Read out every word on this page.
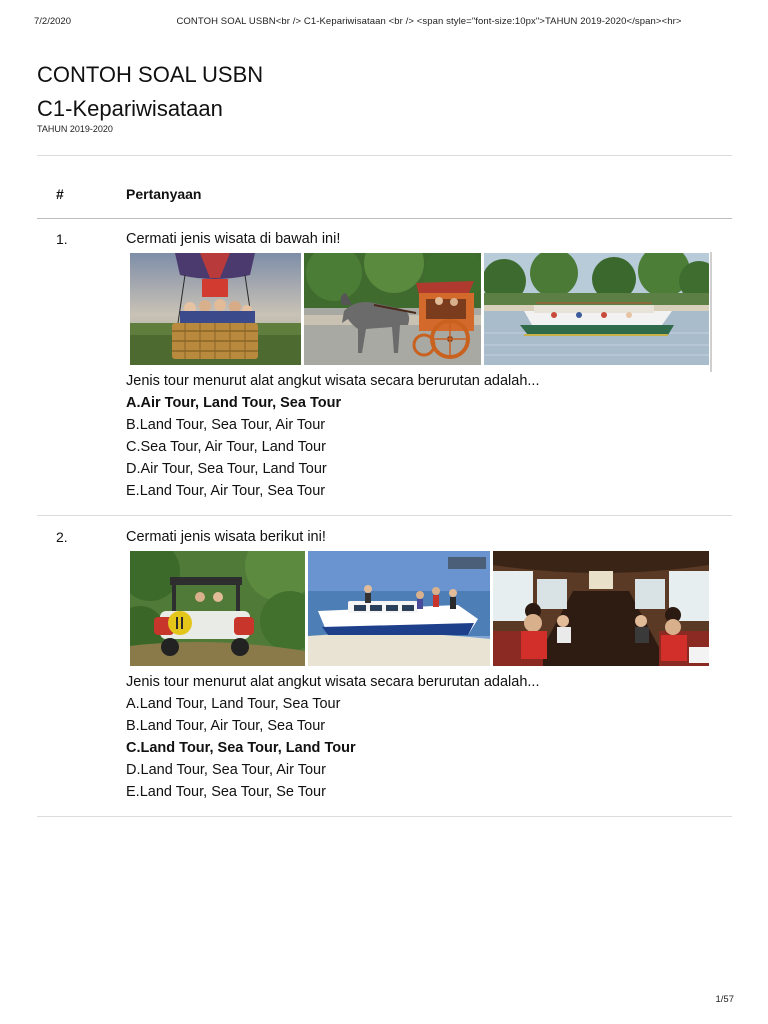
7/2/2020	CONTOH SOAL USBN<br /> C1-Kepariwisataan <br /> <span style="font-size:10px">TAHUN 2019-2020</span><hr>
CONTOH SOAL USBN
C1-Kepariwisataan
TAHUN 2019-2020
#	Pertanyaan
1.	Cermati jenis wisata di bawah ini!
Jenis tour menurut alat angkut wisata secara berurutan adalah...
A.Air Tour, Land Tour, Sea Tour
B.Land Tour, Sea Tour, Air Tour
C.Sea Tour, Air Tour, Land Tour
D.Air Tour, Sea Tour, Land Tour
E.Land Tour, Air Tour, Sea Tour
2.	Cermati jenis wisata berikut ini!
Jenis tour menurut alat angkut wisata secara berurutan adalah...
A.Land Tour, Land Tour, Sea Tour
B.Land Tour, Air Tour, Sea Tour
C.Land Tour, Sea Tour, Land Tour
D.Land Tour, Sea Tour, Air Tour
E.Land Tour, Sea Tour, Se Tour
1/57
